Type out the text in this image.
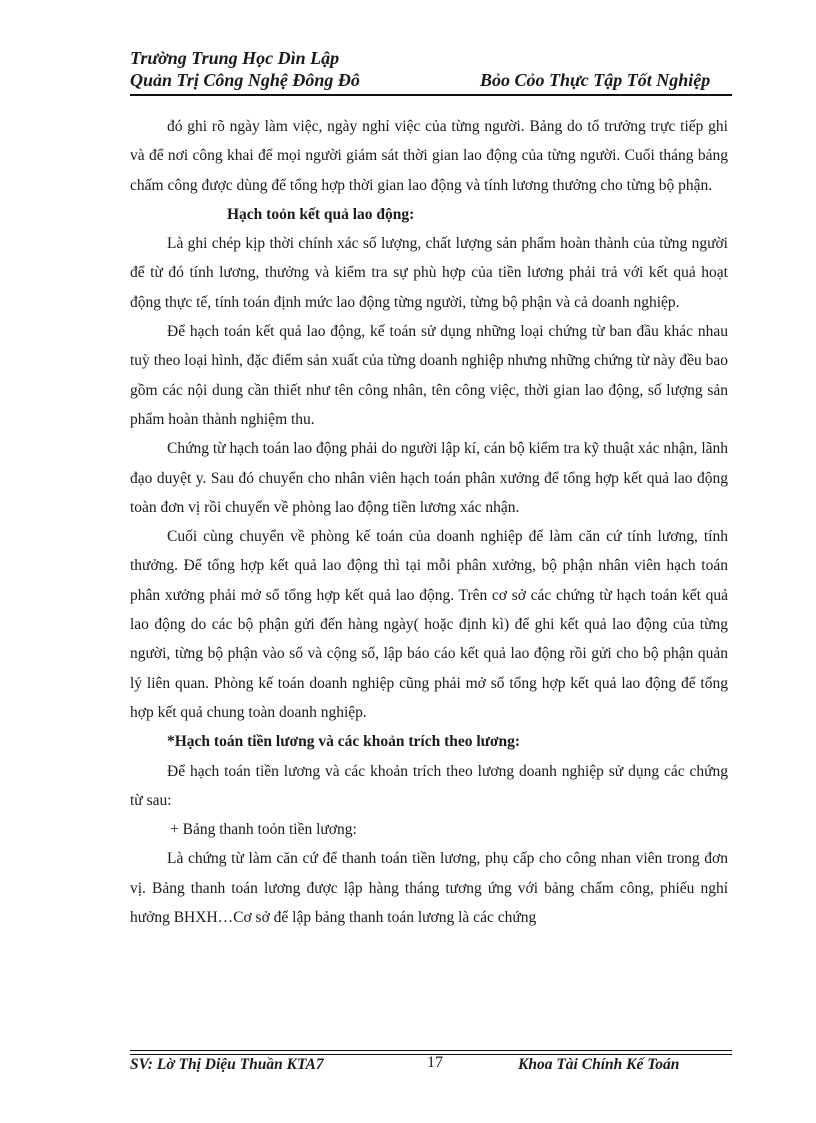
Trường Trung Học Dìn Lập
Quản Trị Công Nghệ Đông Đô	Bỏo Cỏo Thực Tập Tốt Nghiệp

đó ghi rõ ngày làm việc, ngày nghỉ việc của từng người. Bảng do tổ trưởng trực tiếp ghi và để nơi công khai để mọi người giám sát thời gian lao động của từng người. Cuối tháng bảng chấm công được dùng để tổng hợp thời gian lao động và tính lương thưởng cho từng bộ phận.

Hạch toỏn kết quả lao động:

Là ghi chép kịp thời chính xác số lượng, chất lượng sản phẩm hoàn thành của từng người để từ đó tính lương, thưởng và kiểm tra sự phù hợp của tiền lương phải trả với kết quả hoạt động thực tế, tính toán định mức lao động từng người, từng bộ phận và cả doanh nghiệp.

Để hạch toán kết quả lao động, kế toán sử dụng những loại chứng từ ban đầu khác nhau tuỳ theo loại hình, đặc điểm sản xuất của từng doanh nghiệp nhưng những chứng từ này đều bao gồm các nội dung cần thiết như tên công nhân, tên công việc, thời gian lao động, số lượng sản phẩm hoàn thành nghiệm thu.

Chứng từ hạch toán lao động phải do người lập kí, cán bộ kiểm tra kỹ thuật xác nhận, lãnh đạo duyệt y. Sau đó chuyển cho nhân viên hạch toán phân xưởng để tổng hợp kết quả lao động toàn đơn vị rồi chuyển về phòng lao động tiền lương xác nhận.

Cuối cùng chuyển về phòng kế toán của doanh nghiệp để làm căn cứ tính lương, tính thưởng. Để tổng hợp kết quả lao động thì tại mỗi phân xưởng, bộ phận nhân viên hạch toán phân xưởng phải mở sổ tổng hợp kết quả lao động. Trên cơ sở các chứng từ hạch toán kết quả lao động do các bộ phận gửi đến hàng ngày( hoặc định kì) để ghi kết quả lao động của từng người, từng bộ phận vào sổ và cộng sổ, lập báo cáo kết quả lao động rồi gửi cho bộ phận quản lý liên quan. Phòng kế toán doanh nghiệp cũng phải mở sổ tổng hợp kết quả lao động để tổng hợp kết quả chung toàn doanh nghiệp.

*Hạch toán tiền lương và các khoản trích theo lương:

Để hạch toán tiền lương và các khoản trích theo lương doanh nghiệp sử dụng các chứng từ sau:

+ Bảng thanh toỏn tiền lương:

Là chứng từ làm căn cứ để thanh toán tiền lương, phụ cấp cho công nhan viên trong đơn vị. Bảng thanh toán lương được lập hàng tháng tương ứng với bảng chấm công, phiếu nghỉ hưởng BHXH…Cơ sở để lập bảng thanh toán lương là các chứng

SV: Lờ Thị Diệu Thuần KTA7	17	Khoa Tài Chính Kế Toán
